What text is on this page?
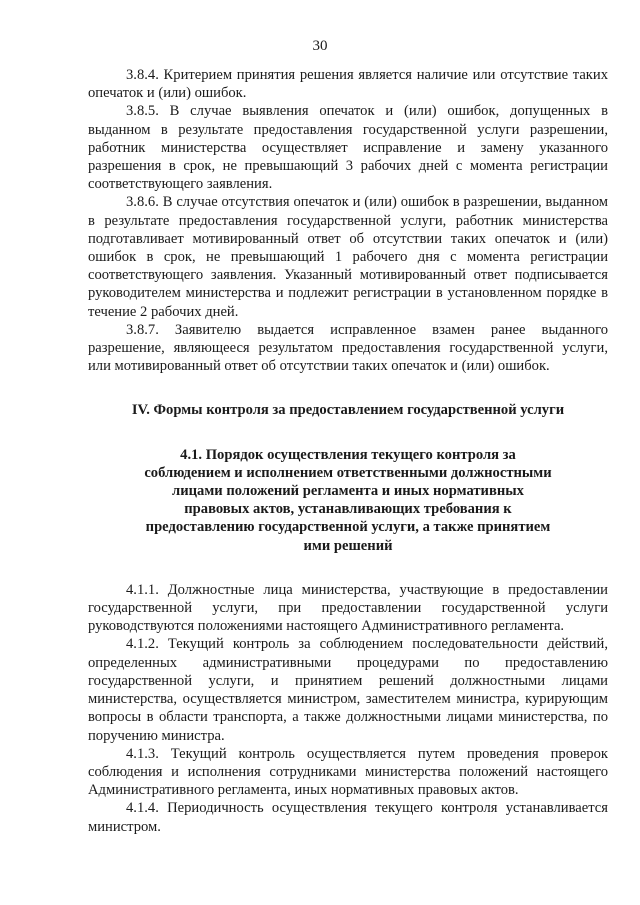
30

3.8.4. Критерием принятия решения является наличие или отсутствие таких опечаток и (или) ошибок.

3.8.5. В случае выявления опечаток и (или) ошибок, допущенных в выданном в результате предоставления государственной услуги разрешении, работник министерства осуществляет исправление и замену указанного разрешения в срок, не превышающий 3 рабочих дней с момента регистрации соответствующего заявления.

3.8.6. В случае отсутствия опечаток и (или) ошибок в разрешении, выданном в результате предоставления государственной услуги, работник министерства подготавливает мотивированный ответ об отсутствии таких опечаток и (или) ошибок в срок, не превышающий 1 рабочего дня с момента регистрации соответствующего заявления. Указанный мотивированный ответ подписывается руководителем министерства и подлежит регистрации в установленном порядке в течение 2 рабочих дней.

3.8.7. Заявителю выдается исправленное взамен ранее выданного разрешение, являющееся результатом предоставления государственной услуги, или мотивированный ответ об отсутствии таких опечаток и (или) ошибок.

IV. Формы контроля за предоставлением государственной услуги

4.1. Порядок осуществления текущего контроля за соблюдением и исполнением ответственными должностными лицами положений регламента и иных нормативных правовых актов, устанавливающих требования к предоставлению государственной услуги, а также принятием ими решений

4.1.1. Должностные лица министерства, участвующие в предоставлении государственной услуги, при предоставлении государственной услуги руководствуются положениями настоящего Административного регламента.

4.1.2. Текущий контроль за соблюдением последовательности действий, определенных административными процедурами по предоставлению государственной услуги, и принятием решений должностными лицами министерства, осуществляется министром, заместителем министра, курирующим вопросы в области транспорта, а также должностными лицами министерства, по поручению министра.

4.1.3. Текущий контроль осуществляется путем проведения проверок соблюдения и исполнения сотрудниками министерства положений настоящего Административного регламента, иных нормативных правовых актов.

4.1.4. Периодичность осуществления текущего контроля устанавливается министром.
